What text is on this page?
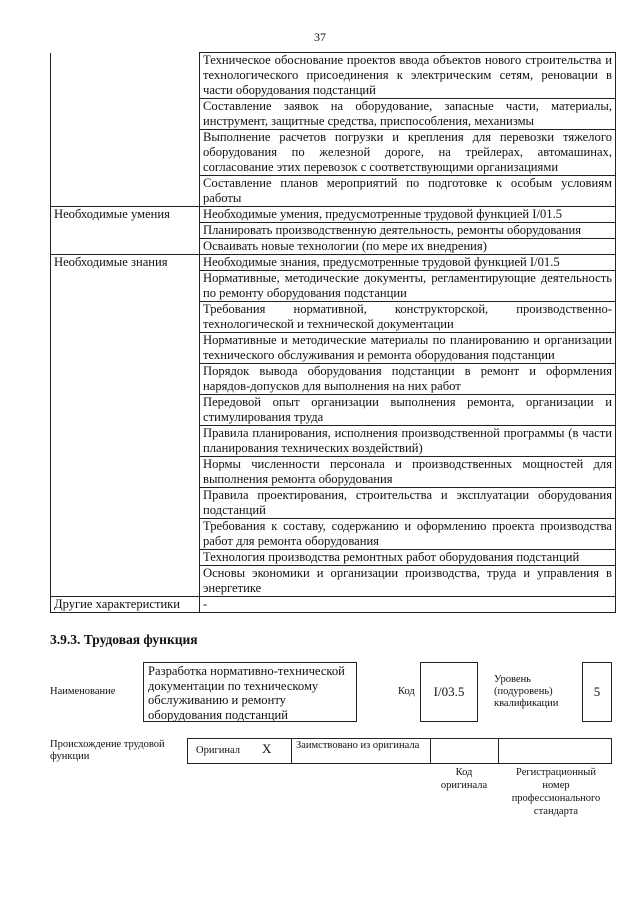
37
	Техническое обоснование проектов ввода объектов нового строительства и технологического присоединения к электрическим сетям, реновации в части оборудования подстанций
	Составление заявок на оборудование, запасные части, материалы, инструмент, защитные средства, приспособления, механизмы
	Выполнение расчетов погрузки и крепления для перевозки тяжелого оборудования по железной дороге, на трейлерах, автомашинах, согласование этих перевозок с соответствующими организациями
	Составление планов мероприятий по подготовке к особым условиям работы
Необходимые умения	Необходимые умения, предусмотренные трудовой функцией I/01.5
	Планировать производственную деятельность, ремонты оборудования
	Осваивать новые технологии (по мере их внедрения)
Необходимые знания	Необходимые знания, предусмотренные трудовой функцией I/01.5
	Нормативные, методические документы, регламентирующие деятельность по ремонту оборудования подстанции
	Требования нормативной, конструкторской, производственно-технологической и технической документации
	Нормативные и методические материалы по планированию и организации технического обслуживания и ремонта оборудования подстанции
	Порядок вывода оборудования подстанции в ремонт и оформления нарядов-допусков для выполнения на них работ
	Передовой опыт организации выполнения ремонта, организации и стимулирования труда
	Правила планирования, исполнения производственной программы (в части планирования технических воздействий)
	Нормы численности персонала и производственных мощностей для выполнения ремонта оборудования
	Правила проектирования, строительства и эксплуатации оборудования подстанций
	Требования к составу, содержанию и оформлению проекта производства работ для ремонта оборудования
	Технология производства ремонтных работ оборудования подстанций
	Основы экономики и организации производства, труда и управления в энергетике
Другие характеристики	-
3.9.3. Трудовая функция
Наименование
Разработка нормативно-технической документации по техническому обслуживанию и ремонту оборудования подстанций
Код	I/03.5
Уровень (подуровень) квалификации
5
Происхождение трудовой функции
Оригинал X	Заимствовано из оригинала
Код оригинала
Регистрационный номер профессионального стандарта
